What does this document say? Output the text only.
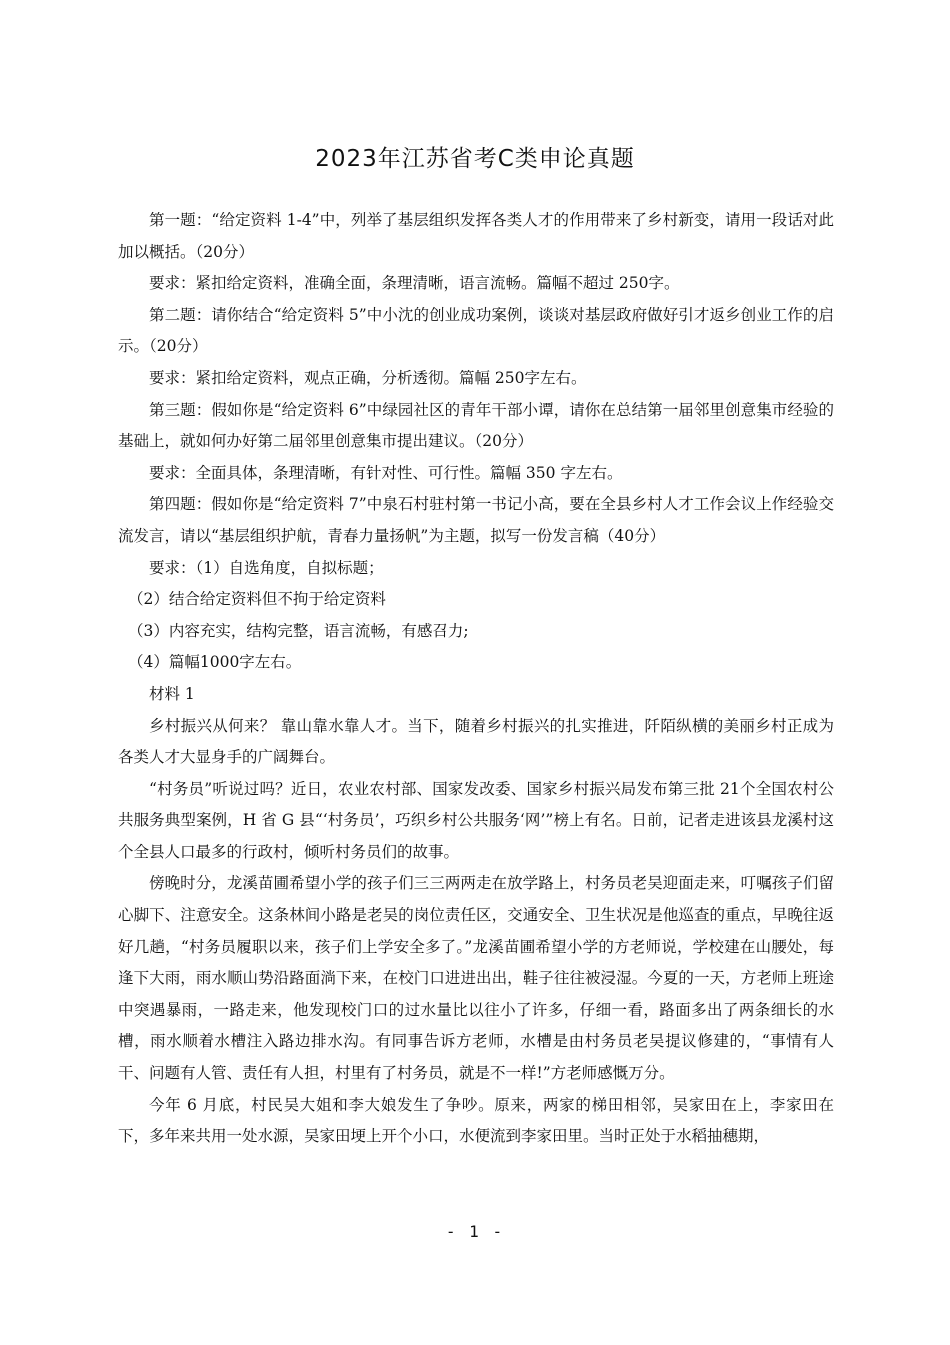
2023年江苏省考C类申论真题

第一题：“给定资料 1-4”中，列举了基层组织发挥各类人才的作用带来了乡村新变，请用一段话对此加以概括。（20分）

要求：紧扣给定资料，准确全面，条理清晰，语言流畅。篇幅不超过 250字。

第二题：请你结合“给定资料 5”中小沈的创业成功案例，谈谈对基层政府做好引才返乡创业工作的启示。（20分）

要求：紧扣给定资料，观点正确，分析透彻。篇幅 250字左右。

第三题：假如你是“给定资料 6”中绿园社区的青年干部小谭，请你在总结第一届邻里创意集市经验的基础上，就如何办好第二届邻里创意集市提出建议。（20分）

要求：全面具体，条理清晰，有针对性、可行性。篇幅 350 字左右。

第四题：假如你是“给定资料 7”中泉石村驻村第一书记小高，要在全县乡村人才工作会议上作经验交流发言，请以“基层组织护航，青春力量扬帆”为主题，拟写一份发言稿（40分）

要求：（1）自选角度，自拟标题；

（2）结合给定资料但不拘于给定资料

（3）内容充实，结构完整，语言流畅，有感召力;

（4）篇幅1000字左右。

材料 1

乡村振兴从何来？ 靠山靠水靠人才。当下，随着乡村振兴的扎实推进，阡陌纵横的美丽乡村正成为各类人才大显身手的广阔舞台。

“村务员”听说过吗？近日，农业农村部、国家发改委、国家乡村振兴局发布第三批 21个全国农村公共服务典型案例，H 省 G 县“‘村务员’，巧织乡村公共服务‘网’”榜上有名。日前，记者走进该县龙溪村这个全县人口最多的行政村，倾听村务员们的故事。

傍晚时分，龙溪苗圃希望小学的孩子们三三两两走在放学路上，村务员老吴迎面走来，叮嘱孩子们留心脚下、注意安全。这条林间小路是老吴的岗位责任区，交通安全、卫生状况是他巡查的重点，早晚往返好几趟，“村务员履职以来，孩子们上学安全多了。”龙溪苗圃希望小学的方老师说，学校建在山腰处，每逢下大雨，雨水顺山势沿路面淌下来，在校门口进进出出，鞋子往往被浸湿。今夏的一天，方老师上班途中突遇暴雨，一路走来，他发现校门口的过水量比以往小了许多，仔细一看，路面多出了两条细长的水槽，雨水顺着水槽注入路边排水沟。有同事告诉方老师，水槽是由村务员老吴提议修建的，“事情有人干、问题有人管、责任有人担，村里有了村务员，就是不一样!”方老师感慨万分。

今年 6 月底，村民吴大姐和李大娘发生了争吵。原来，两家的梯田相邻，吴家田在上，李家田在下，多年来共用一处水源，吴家田埂上开个小口，水便流到李家田里。当时正处于水稻抽穗期，

- 1 -
